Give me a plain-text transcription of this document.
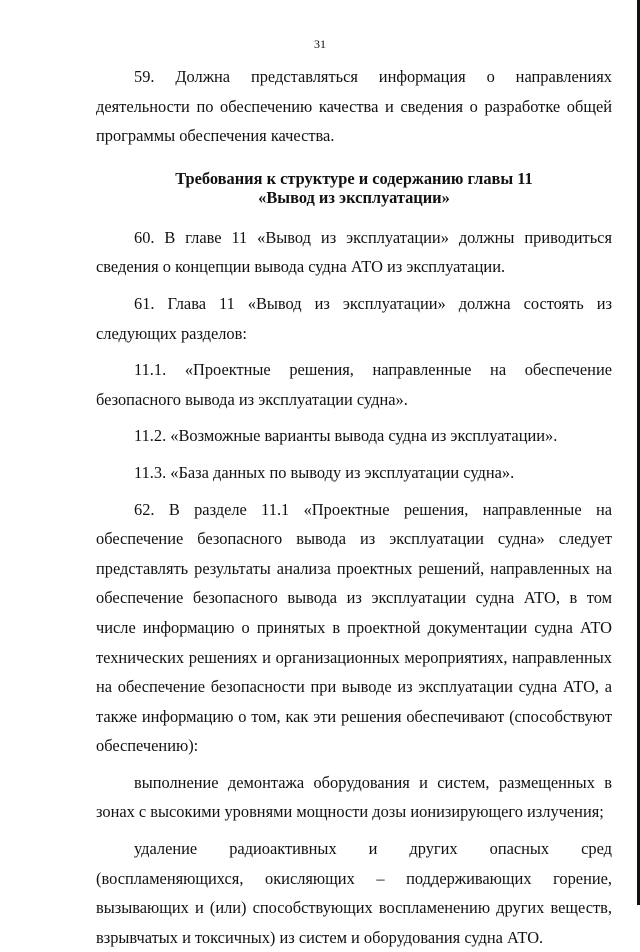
31

59. Должна представляться информация о направлениях деятельности по обеспечению качества и сведения о разработке общей программы обеспечения качества.

Требования к структуре и содержанию главы 11
«Вывод из эксплуатации»

60. В главе 11 «Вывод из эксплуатации» должны приводиться сведения о концепции вывода судна АТО из эксплуатации.

61. Глава 11 «Вывод из эксплуатации» должна состоять из следующих разделов:

11.1. «Проектные решения, направленные на обеспечение безопасного вывода из эксплуатации судна».

11.2. «Возможные варианты вывода судна из эксплуатации».

11.3. «База данных по выводу из эксплуатации судна».

62. В разделе 11.1 «Проектные решения, направленные на обеспечение безопасного вывода из эксплуатации судна» следует представлять результаты анализа проектных решений, направленных на обеспечение безопасного вывода из эксплуатации судна АТО, в том числе информацию о принятых в проектной документации судна АТО технических решениях и организационных мероприятиях, направленных на обеспечение безопасности при выводе из эксплуатации судна АТО, а также информацию о том, как эти решения обеспечивают (способствуют обеспечению):

выполнение демонтажа оборудования и систем, размещенных в зонах с высокими уровнями мощности дозы ионизирующего излучения;

удаление радиоактивных и других опасных сред (воспламеняющихся, окисляющих – поддерживающих горение, вызывающих и (или) способствующих воспламенению других веществ, взрывчатых и токсичных) из систем и оборудования судна АТО.
